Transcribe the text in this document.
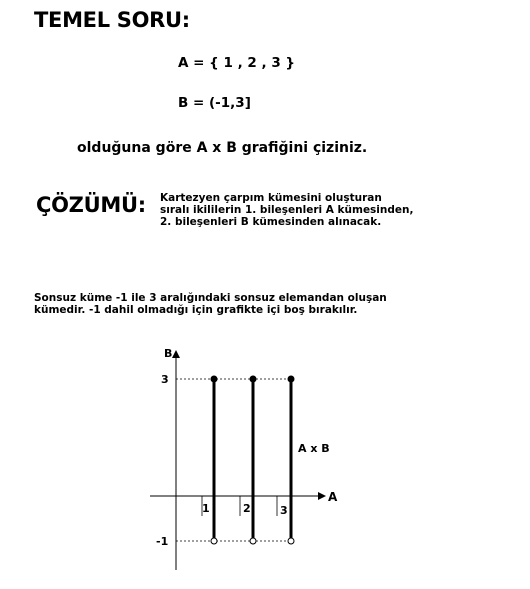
TEMEL SORU:
A = { 1 , 2 , 3 }
B = (-1,3]
olduğuna göre A x B grafiğini çiziniz.
ÇÖZÜMÜ: Kartezyen çarpım kümesini oluşturan
sıralı ikililerin 1. bileşenleri A kümesinden,
2. bileşenleri B kümesinden alınacak.
Sonsuz küme -1 ile 3 aralığındaki sonsuz elemandan oluşan
kümedir. -1 dahil olmadığı için grafikte içi boş bırakılır.
A
B
1	2	3
3
-1
A x B
